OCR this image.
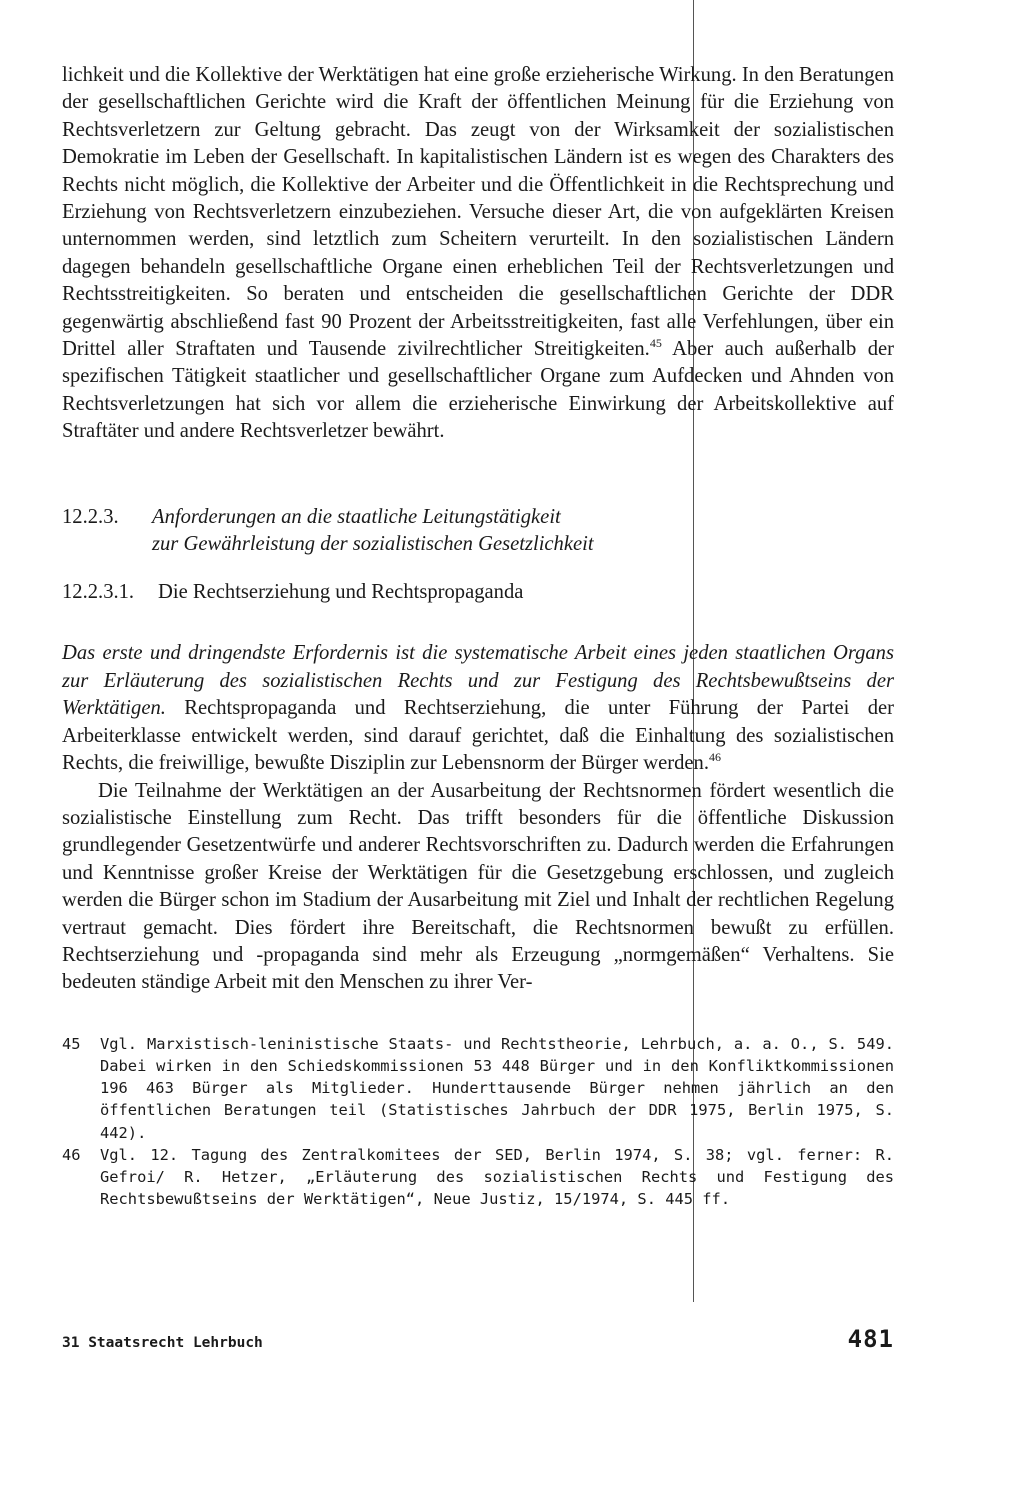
lichkeit und die Kollektive der Werktätigen hat eine große erzieherische Wirkung. In den Beratungen der gesellschaftlichen Gerichte wird die Kraft der öffentlichen Meinung für die Erziehung von Rechtsverletzern zur Geltung gebracht. Das zeugt von der Wirksamkeit der sozialistischen Demokratie im Leben der Gesellschaft. In kapitalistischen Ländern ist es wegen des Charakters des Rechts nicht möglich, die Kollektive der Arbeiter und die Öffentlichkeit in die Rechtsprechung und Erziehung von Rechtsverletzern einzubeziehen. Versuche dieser Art, die von aufgeklärten Kreisen unternommen werden, sind letztlich zum Scheitern verurteilt. In den sozialistischen Ländern dagegen behandeln gesellschaftliche Organe einen erheblichen Teil der Rechtsverletzungen und Rechtsstreitigkeiten. So beraten und entscheiden die gesellschaftlichen Gerichte der DDR gegenwärtig abschließend fast 90 Prozent der Arbeitsstreitigkeiten, fast alle Verfehlungen, über ein Drittel aller Straftaten und Tausende zivilrechtlicher Streitigkeiten.$^{45}$ Aber auch außerhalb der spezifischen Tätigkeit staatlicher und gesellschaftlicher Organe zum Aufdecken und Ahnden von Rechtsverletzungen hat sich vor allem die erzieherische Einwirkung der Arbeitskollektive auf Straftäter und andere Rechtsverletzer bewährt.

12.2.3.	Anforderungen an die staatliche Leitungstätigkeit
zur Gewährleistung der sozialistischen Gesetzlichkeit
12.2.3.1.	Die Rechtserziehung und Rechtspropaganda

Das erste und dringendste Erfordernis ist die systematische Arbeit eines jeden staatlichen Organs zur Erläuterung des sozialistischen Rechts und zur Festigung des Rechtsbewußtseins der Werktätigen. Rechtspropaganda und Rechtserziehung, die unter Führung der Partei der Arbeiterklasse entwickelt werden, sind darauf gerichtet, daß die Einhaltung des sozialistischen Rechts, die freiwillige, bewußte Disziplin zur Lebensnorm der Bürger werden.$^{46}$

Die Teilnahme der Werktätigen an der Ausarbeitung der Rechtsnormen fördert wesentlich die sozialistische Einstellung zum Recht. Das trifft besonders für die öffentliche Diskussion grundlegender Gesetzentwürfe und anderer Rechtsvorschriften zu. Dadurch werden die Erfahrungen und Kenntnisse großer Kreise der Werktätigen für die Gesetzgebung erschlossen, und zugleich werden die Bürger schon im Stadium der Ausarbeitung mit Ziel und Inhalt der rechtlichen Regelung vertraut gemacht. Dies fördert ihre Bereitschaft, die Rechtsnormen bewußt zu erfüllen. Rechtserziehung und -propaganda sind mehr als Erzeugung „normgemäßen“ Verhaltens. Sie bedeuten ständige Arbeit mit den Menschen zu ihrer Ver-

45	Vgl. Marxistisch-leninistische Staats- und Rechtstheorie, Lehrbuch, a. a. O., S. 549. Dabei wirken in den Schiedskommissionen 53 448 Bürger und in den Konfliktkommissionen 196 463 Bürger als Mitglieder. Hunderttausende Bürger nehmen jährlich an den öffentlichen Beratungen teil (Statistisches Jahrbuch der DDR 1975, Berlin 1975, S. 442).
46	Vgl. 12. Tagung des Zentralkomitees der SED, Berlin 1974, S. 38; vgl. ferner: R. Gefroi/ R. Hetzer, „Erläuterung des sozialistischen Rechts und Festigung des Rechtsbewußtseins der Werktätigen“, Neue Justiz, 15/1974, S. 445 ff.
31 Staatsrecht Lehrbuch	481
